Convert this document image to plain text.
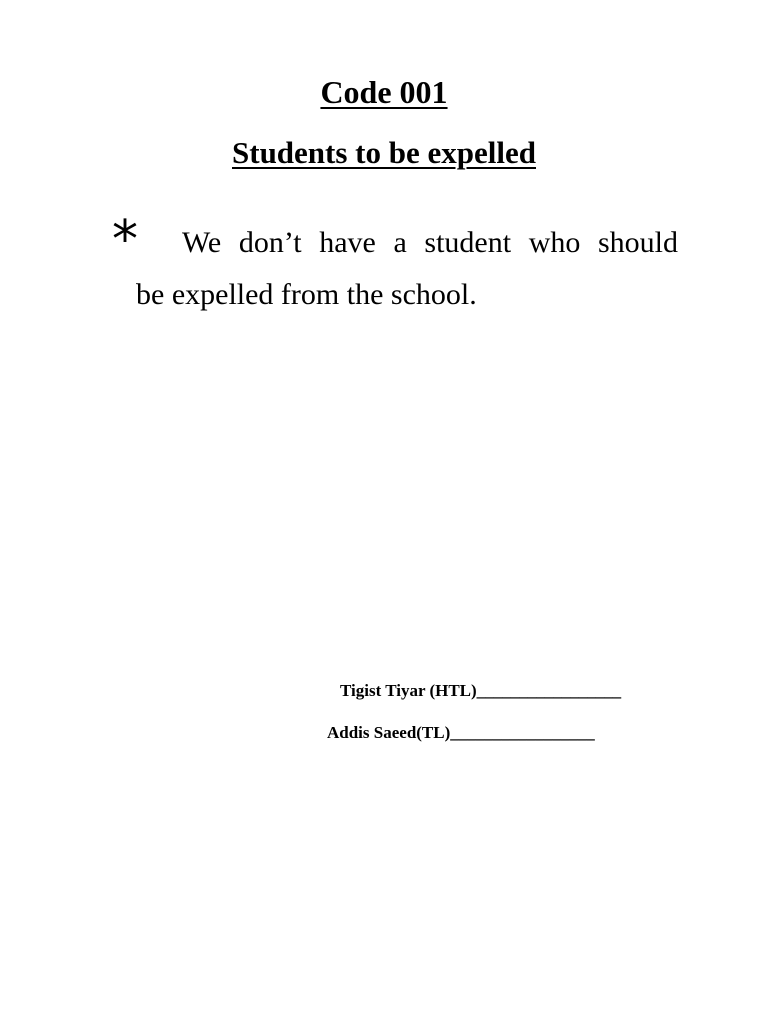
Code 001
Students to be expelled
* We don’t have a student who should
be expelled from the school.
Tigist Tiyar (HTL)_________________
Addis Saeed(TL)_________________
